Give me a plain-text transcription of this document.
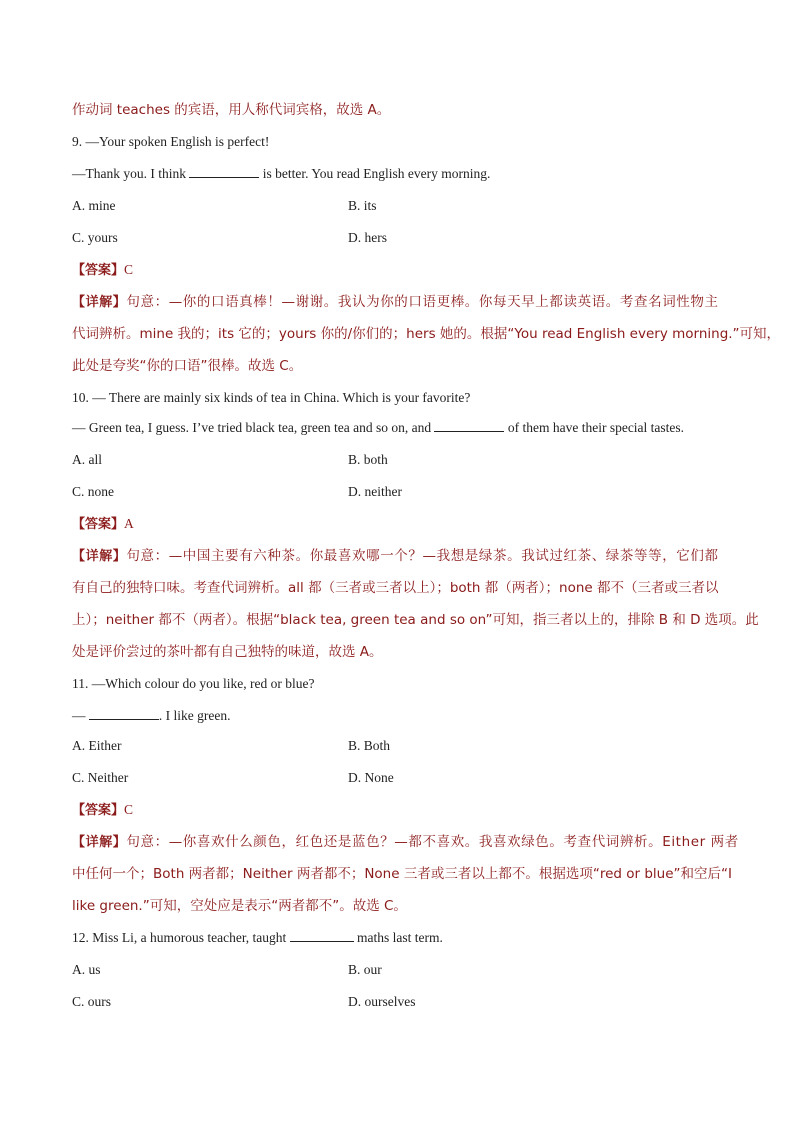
作动词 teaches 的宾语，用人称代词宾格，故选 A。
9. —Your spoken English is perfect!
—Thank you. I think	is better. You read English every morning.
A. mine	B. its
C. yours	D. hers
【答案】C
【详解】句意：—你的口语真棒！—谢谢。我认为你的口语更棒。你每天早上都读英语。考查名词性物主
代词辨析。mine 我的；its 它的；yours 你的/你们的；hers 她的。根据“You read English every morning.”可知，
此处是夸奖“你的口语”很棒。故选 C。
10. — There are mainly six kinds of tea in China. Which is your favorite?
— Green tea, I guess. I’ve tried black tea, green tea and so on, and	of them have their special tastes.
A. all	B. both
C. none	D. neither
【答案】A
【详解】句意：—中国主要有六种茶。你最喜欢哪一个？—我想是绿茶。我试过红茶、绿茶等等，它们都
有自己的独特口味。考查代词辨析。all 都（三者或三者以上）；both 都（两者）；none 都不（三者或三者以
上）；neither 都不（两者）。根据“black tea, green tea and so on”可知，指三者以上的，排除 B 和 D 选项。此
处是评价尝过的茶叶都有自己独特的味道，故选 A。
11. —Which colour do you like, red or blue?
—	. I like green.
A. Either	B. Both
C. Neither	D. None
【答案】C
【详解】句意：—你喜欢什么颜色，红色还是蓝色？—都不喜欢。我喜欢绿色。考查代词辨析。Either 两者
中任何一个；Both 两者都；Neither 两者都不；None 三者或三者以上都不。根据选项“red or blue”和空后“I
like green.”可知，空处应是表示“两者都不”。故选 C。
12. Miss Li, a humorous teacher, taught	maths last term.
A. us	B. our
C. ours	D. ourselves
